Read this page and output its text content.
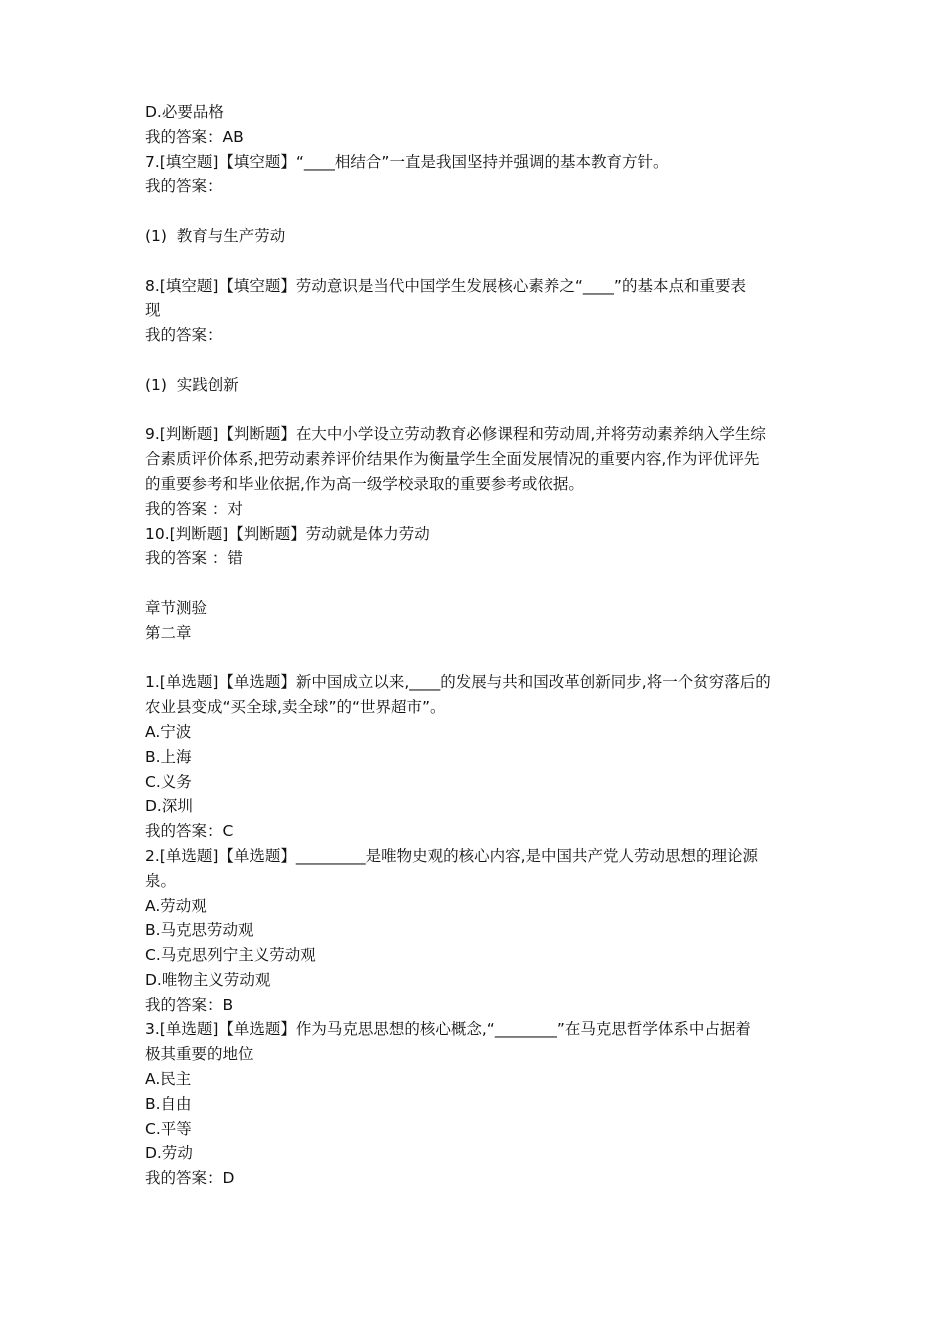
D.必要品格
我的答案：AB
7.[填空题]【填空题】“____相结合”一直是我国坚持并强调的基本教育方针。
我的答案：
(1)  教育与生产劳动
8.[填空题]【填空题】劳动意识是当代中国学生发展核心素养之“____”的基本点和重要表
现
我的答案：
(1)  实践创新
9.[判断题]【判断题】在大中小学设立劳动教育必修课程和劳动周,并将劳动素养纳入学生综
合素质评价体系,把劳动素养评价结果作为衡量学生全面发展情况的重要内容,作为评优评先
的重要参考和毕业依据,作为高一级学校录取的重要参考或依据。
我的答案 ：对
10.[判断题]【判断题】劳动就是体力劳动
我的答案 ：错
章节测验
第二章
1.[单选题]【单选题】新中国成立以来,____的发展与共和国改革创新同步,将一个贫穷落后的
农业县变成“买全球,卖全球”的“世界超市”。
A.宁波
B.上海
C.义务
D.深圳
我的答案：C
2.[单选题]【单选题】_________是唯物史观的核心内容,是中国共产党人劳动思想的理论源
泉。
A.劳动观
B.马克思劳动观
C.马克思列宁主义劳动观
D.唯物主义劳动观
我的答案：B
3.[单选题]【单选题】作为马克思思想的核心概念,“________”在马克思哲学体系中占据着
极其重要的地位
A.民主
B.自由
C.平等
D.劳动
我的答案：D
